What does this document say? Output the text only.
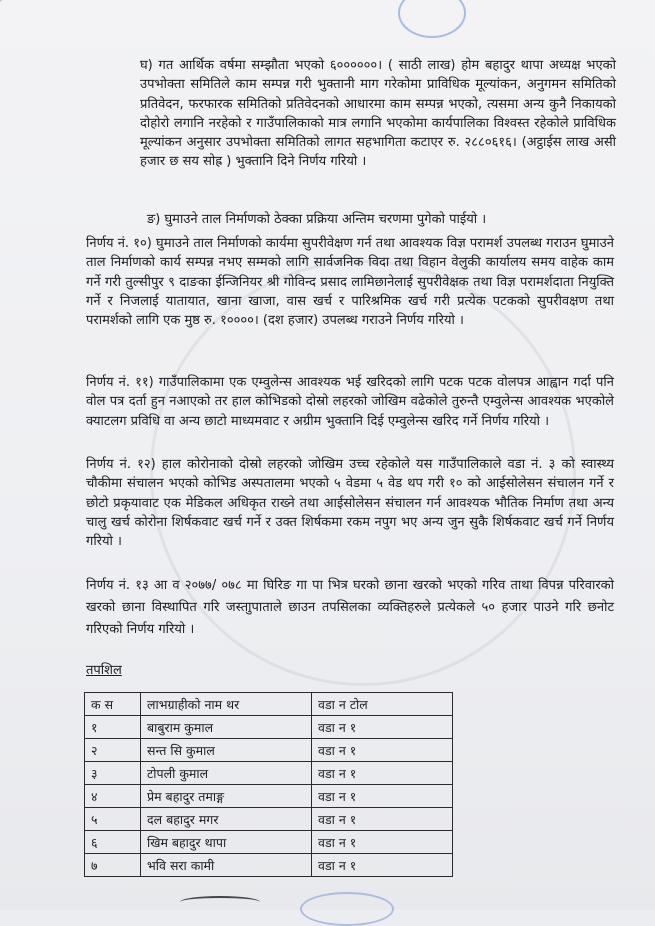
घ) गत आर्थिक वर्षमा सम्झौता भएको ६००००००। ( साठी लाख) होम बहादुर थापा अध्यक्ष भएको उपभोक्ता समितिले काम सम्पन्न गरी भुक्तानी माग गरेकोमा प्राविधिक मूल्यांकन, अनुगमन समितिको प्रतिवेदन, फरफारक समितिको प्रतिवेदनको आधारमा काम सम्पन्न भएको, त्यसमा अन्य कुनै निकायको दोहोरो लगानि नरहेको र गाउँपालिकाको मात्र लगानि भएकोमा कार्यपालिका विश्वस्त रहेकोले प्राविधिक मूल्यांकन अनुसार उपभोक्ता समितिको लागत सहभागिता कटाएर रु. २८८०६१६। (अट्ठाईस लाख असी हजार छ सय सोह्र ) भुक्तानि दिने निर्णय गरियो ।

ङ) घुमाउने ताल निर्माणको ठेक्का प्रक्रिया अन्तिम चरणमा पुगेको पाईयो ।

निर्णय नं. १०) घुमाउने ताल निर्माणको कार्यमा सुपरीवेक्षण गर्न तथा आवश्यक विज्ञ परामर्श उपलब्ध गराउन घुमाउने ताल निर्माणको कार्य सम्पन्न नभए सम्मको लागि सार्वजनिक विदा तथा विहान वेलुकी कार्यालय समय वाहेक काम गर्ने गरी तुल्सीपुर ९ दाङका ईन्जिनियर श्री गोविन्द प्रसाद लामिछानेलाई सुपरीवेक्षक तथा विज्ञ परामर्शदाता नियुक्ति गर्ने र निजलाई यातायात, खाना खाजा, वास खर्च र पारिश्रमिक खर्च गरी प्रत्येक पटकको सुपरीवक्षण तथा परामर्शको लागि एक मुष्ठ रु. १००००। (दश हजार) उपलब्ध गराउने निर्णय गरियो ।

निर्णय नं. ११) गाउँपालिकामा एक एम्वुलेन्स आवश्यक भई खरिदको लागि पटक पटक वोलपत्र आह्वान गर्दा पनि वोल पत्र दर्ता हुन नआएको तर हाल कोभिडको दोस्रो लहरको जोखिम वढेकोले तुरुन्तै एम्वुलेन्स आवश्यक भएकोले क्याटलग प्रविधि वा अन्य छाटो माध्यमवाट र अग्रीम भुक्तानि दिई एम्वुलेन्स खरिद गर्ने निर्णय गरियो ।

निर्णय नं. १२) हाल कोरोनाको दोस्रो लहरको जोखिम उच्च रहेकोले यस गाउँपालिकाले वडा नं. ३ को स्वास्थ्य चौकीमा संचालन भएको कोभिड अस्पतालमा भएको ५ वेडमा ५ वेड थप गरी १० को आईसोलेसन संचालन गर्ने र छोटो प्रकृयावाट एक मेडिकल अधिकृत राख्ने तथा आईसोलेसन संचालन गर्न आवश्यक भौतिक निर्माण तथा अन्य चालु खर्च कोरोना शिर्षकवाट खर्च गर्ने र उक्त शिर्षकमा रकम नपुग भए अन्य जुन सुकै शिर्षकवाट खर्च गर्ने निर्णय गरियो ।

निर्णय नं. १३ आ व २०७७/ ०७८ मा घिरिङ गा पा भित्र घरको छाना खरको भएको गरिव ताथा विपन्न परिवारको खरको छाना विस्थापित गरि जस्ताुपाताले छाउन तपसिलका व्यक्तिहरुले प्रत्येकले ५० हजार पाउने गरि छनोट गरिएको निर्णय गरियो ।

तपशिल

क स	लाभग्राहीको नाम थर	वडा न टोल
१	बाबुराम कुमाल	वडा न १
२	सन्त सि कुमाल	वडा न १
३	टोपली कुमाल	वडा न १
४	प्रेम बहादुर तमाङ्ग	वडा न १
५	दल बहादुर मगर	वडा न १
६	खिम बहादुर थापा	वडा न १
७	भवि सरा कामी	वडा न १
